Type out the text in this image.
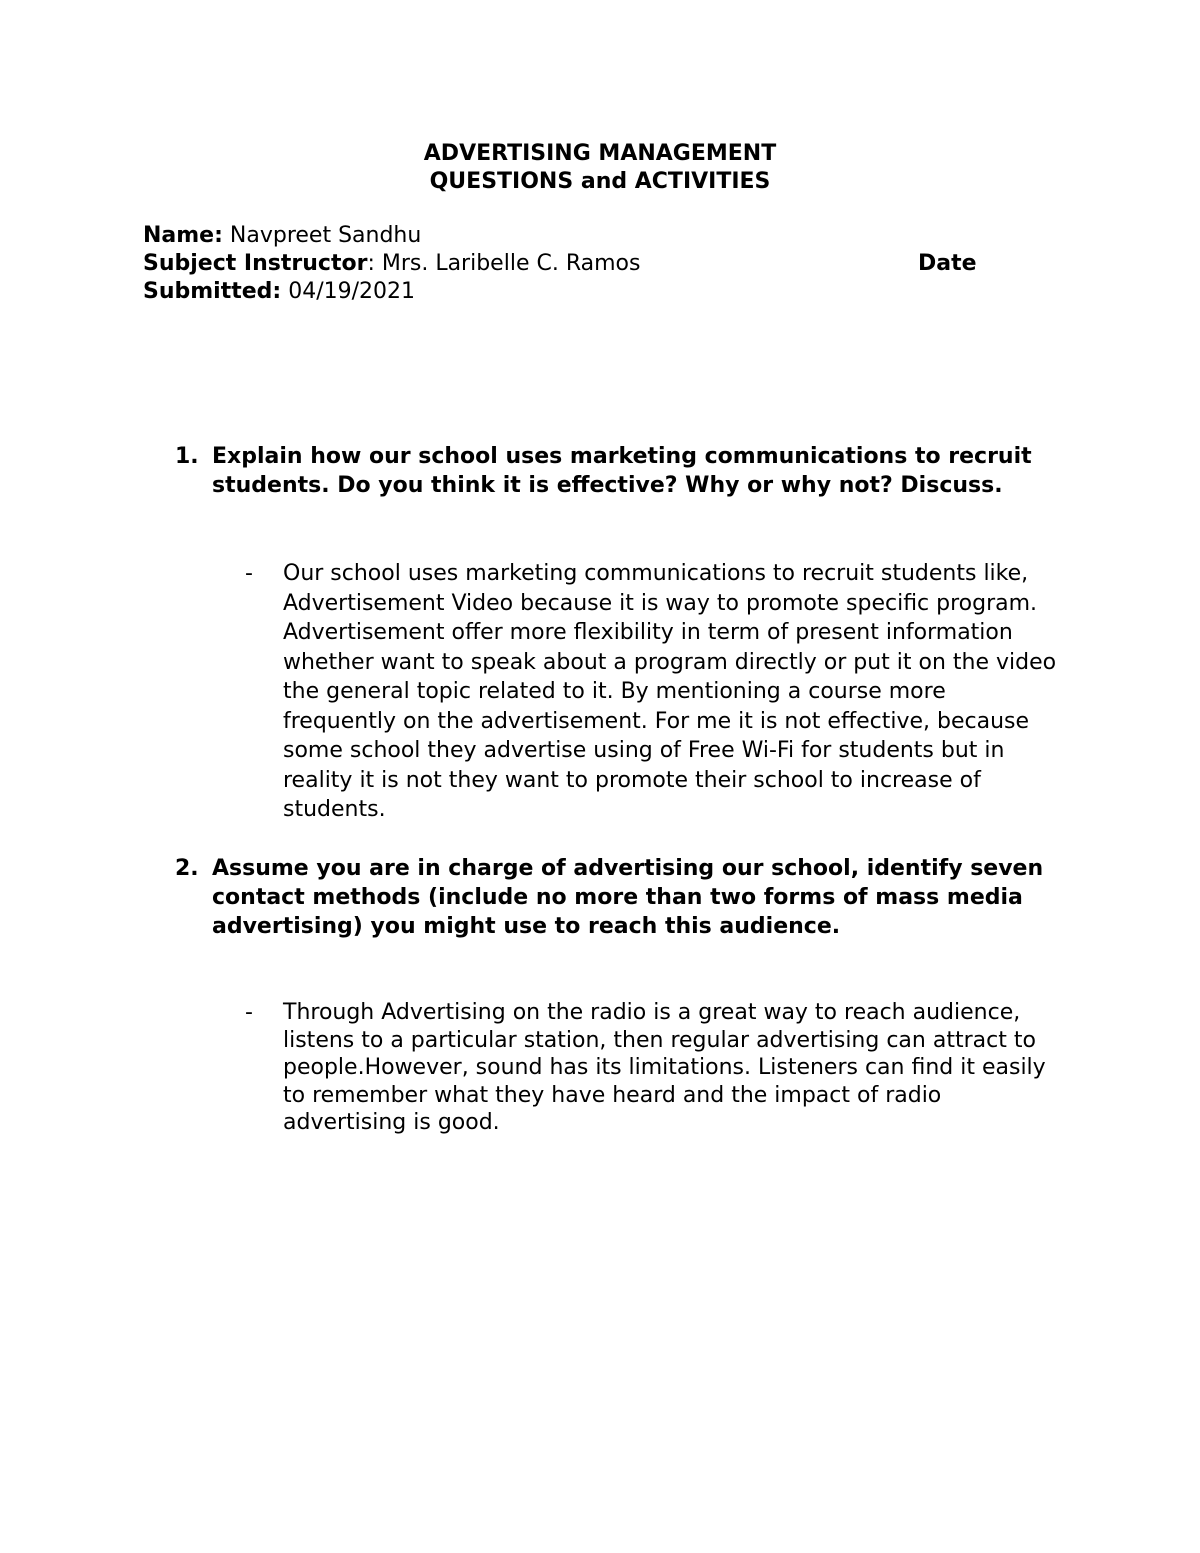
ADVERTISING MANAGEMENT
QUESTIONS and ACTIVITIES
Name: Navpreet Sandhu
Subject Instructor: Mrs. Laribelle C. Ramos	Date
Submitted: 04/19/2021
1. Explain how our school uses marketing communications to recruit students. Do you think it is effective? Why or why not? Discuss.
- Our school uses marketing communications to recruit students like, Advertisement Video because it is way to promote specific program. Advertisement offer more flexibility in term of present information whether want to speak about a program directly or put it on the video the general topic related to it. By mentioning a course more frequently on the advertisement. For me it is not effective, because some school they advertise using of Free Wi-Fi for students but in reality it is not they want to promote their school to increase of students.
2. Assume you are in charge of advertising our school, identify seven contact methods (include no more than two forms of mass media advertising) you might use to reach this audience.
- Through Advertising on the radio is a great way to reach audience, listens to a particular station, then regular advertising can attract to people.However, sound has its limitations. Listeners can find it easily to remember what they have heard and the impact of radio advertising is good.
